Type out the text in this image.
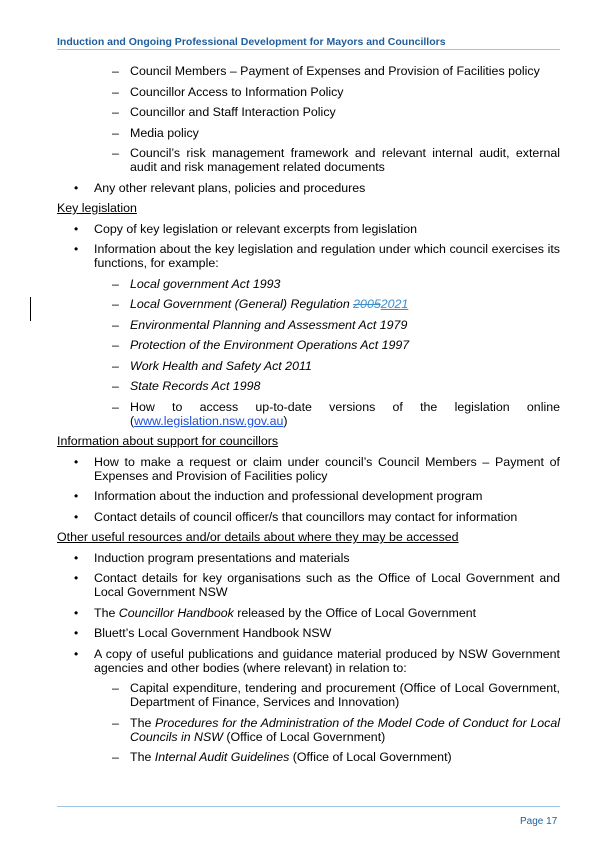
Induction and Ongoing Professional Development for Mayors and Councillors
– Council Members – Payment of Expenses and Provision of Facilities policy
– Councillor Access to Information Policy
– Councillor and Staff Interaction Policy
– Media policy
– Council’s risk management framework and relevant internal audit, external audit and risk management related documents
• Any other relevant plans, policies and procedures
Key legislation
• Copy of key legislation or relevant excerpts from legislation
• Information about the key legislation and regulation under which council exercises its functions, for example:
– Local government Act 1993
– Local Government (General) Regulation 20052021
– Environmental Planning and Assessment Act 1979
– Protection of the Environment Operations Act 1997
– Work Health and Safety Act 2011
– State Records Act 1998
– How to access up-to-date versions of the legislation online (www.legislation.nsw.gov.au)
Information about support for councillors
• How to make a request or claim under council’s Council Members – Payment of Expenses and Provision of Facilities policy
• Information about the induction and professional development program
• Contact details of council officer/s that councillors may contact for information
Other useful resources and/or details about where they may be accessed
• Induction program presentations and materials
• Contact details for key organisations such as the Office of Local Government and Local Government NSW
• The Councillor Handbook released by the Office of Local Government
• Bluett’s Local Government Handbook NSW
• A copy of useful publications and guidance material produced by NSW Government agencies and other bodies (where relevant) in relation to:
– Capital expenditure, tendering and procurement (Office of Local Government, Department of Finance, Services and Innovation)
– The Procedures for the Administration of the Model Code of Conduct for Local Councils in NSW (Office of Local Government)
– The Internal Audit Guidelines (Office of Local Government)
Page 17
